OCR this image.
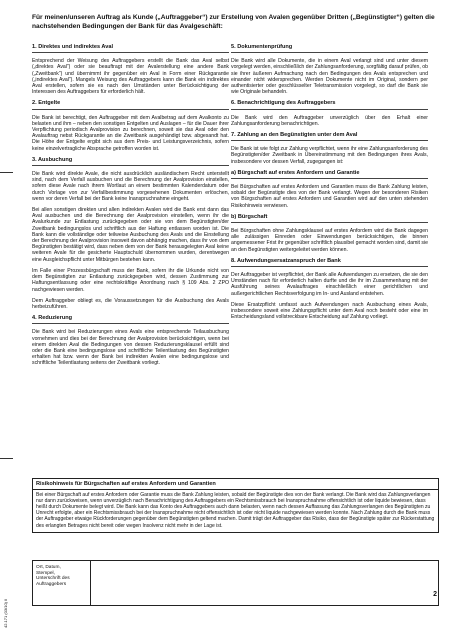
Für meinen/unseren Auftrag als Kunde („Auftraggeber“) zur Erstellung von Avalen gegenüber Dritten („Begünstigter“) gelten die nachstehenden Bedingungen der Bank für das Avalgeschäft:
1. Direktes und indirektes Aval
Entsprechend der Weisung des Auftraggebers erstellt die Bank das Aval selbst („direktes Aval“) oder sie beauftragt mit der Avalerstellung eine andere Bank („Zweitbank“) und übernimmt ihr gegenüber ein Aval in Form einer Rückgarantie („indirektes Aval“). Mangels Weisung des Auftraggebers kann die Bank ein indirektes Aval erstellen, sofern sie es nach den Umständen unter Berücksichtigung der Interessen des Auftraggebers für erforderlich hält.
2. Entgelte
Die Bank ist berechtigt, den Auftraggeber mit dem Avalbetrag auf dem Avalkonto zu belasten und ihm – neben den sonstigen Entgelten und Auslagen – für die Dauer ihrer Verpflichtung periodisch Avalprovision zu berechnen, soweit sie das Aval oder den Avalauftrag nebst Rückgarantie an die Zweitbank ausgehändigt bzw. abgesandt hat. Die Höhe der Entgelte ergibt sich aus dem Preis- und Leistungsverzeichnis, sofern keine einzelvertragliche Absprache getroffen worden ist.
3. Ausbuchung
Die Bank wird direkte Avale, die nicht ausdrücklich ausländischem Recht unterstellt sind, nach dem Verfall ausbuchen und die Berechnung der Avalprovision einstellen, sofern diese Avale nach ihrem Wortlaut an einem bestimmten Kalenderdatum oder durch Vorlage von zur Verfallbestimmung vorgesehenen Dokumenten erlöschen, wenn vor deren Verfall bei der Bank keine Inanspruchnahme eingeht.
Bei allen sonstigen direkten und allen indirekten Avalen wird die Bank erst dann das Aval ausbuchen und die Berechnung der Avalprovision einstellen, wenn ihr die Avalurkunde zur Entlastung zurückgegeben oder sie von dem Begünstigten/der Zweitbank bedingungslos und schriftlich aus der Haftung entlassen worden ist. Die Bank kann die vollständige oder teilweise Ausbuchung des Avals und die Einstellung der Berechnung der Avalprovision insoweit davon abhängig machen, dass ihr von dem Begünstigten bestätigt wird, dass neben dem von der Bank herausgelegten Aval keine weiteren Avale für die gesicherte Hauptschuld übernommen wurden, derentwegen eine Ausgleichspflicht unter Mitbürgen bestehen kann.
Im Falle einer Prozessbürgschaft muss der Bank, sofern ihr die Urkunde nicht von dem Begünstigten zur Entlastung zurückgegeben wird, dessen Zustimmung zur Haftungsentlassung oder eine rechtskräftige Anordnung nach § 109 Abs. 2 ZPO nachgewiesen werden.
Dem Auftraggeber obliegt es, die Voraussetzungen für die Ausbuchung des Avals herbeizuführen.
4. Reduzierung
Die Bank wird bei Reduzierungen eines Avals eine entsprechende Teilausbuchung vornehmen und dies bei der Berechnung der Avalprovision berücksichtigen, wenn bei einem direkten Aval die Bedingungen von dessen Reduzierungsklausel erfüllt sind oder die Bank eine bedingungslose und schriftliche Teilentlastung des Begünstigten erhalten hat bzw. wenn der Bank bei indirekten Avalen eine bedingungslose und schriftliche Teilentlastung seitens der Zweitbank vorliegt.
5. Dokumentenprüfung
Die Bank wird alle Dokumente, die in einem Aval verlangt sind und unter diesem vorgelegt werden, einschließlich der Zahlungsanforderung, sorgfältig darauf prüfen, ob sie ihrer äußeren Aufmachung nach den Bedingungen des Avals entsprechen und einander nicht widersprechen. Werden Dokumente nicht im Original, sondern per authentisierter oder geschlüsselter Teletransmission vorgelegt, so darf die Bank sie wie Originale behandeln.
6. Benachrichtigung des Auftraggebers
Die Bank wird den Auftraggeber unverzüglich über den Erhalt einer Zahlungsanforderung benachrichtigen.
7. Zahlung an den Begünstigten unter dem Aval
Die Bank ist wie folgt zur Zahlung verpflichtet, wenn ihr eine Zahlungsanforderung des Begünstigten/der Zweitbank in Übereinstimmung mit den Bedingungen ihres Avals, insbesondere vor dessen Verfall, zugegangen ist:
a) Bürgschaft auf erstes Anfordern und Garantie
Bei Bürgschaften auf erstes Anfordern und Garantien muss die Bank Zahlung leisten, sobald der Begünstigte dies von der Bank verlangt. Wegen der besonderen Risiken von Bürgschaften auf erstes Anfordern und Garantien wird auf den unten stehenden Risikohinweis verwiesen.
b) Bürgschaft
Bei Bürgschaften ohne Zahlungsklausel auf erstes Anfordern wird die Bank dagegen alle zulässigen Einreden oder Einwendungen berücksichtigen, die binnen angemessener Frist ihr gegenüber schriftlich plausibel gemacht worden sind, damit sie an den Begünstigten weitergeleitet werden können.
8. Aufwendungsersatzanspruch der Bank
Der Auftraggeber ist verpflichtet, der Bank alle Aufwendungen zu ersetzen, die sie den Umständen nach für erforderlich halten durfte und die ihr im Zusammenhang mit der Ausführung seines Avalauftrages einschließlich einer gerichtlichen und außergerichtlichen Rechtsverfolgung im In- und Ausland entstehen.
Diese Ersatzpflicht umfasst auch Aufwendungen nach Ausbuchung eines Avals, insbesondere soweit eine Zahlungspflicht unter dem Aval noch besteht oder eine im Entscheidungsland vollstreckbare Entscheidung auf Zahlung vorliegt.
Risikohinweis für Bürgschaften auf erstes Anfordern und Garantien
Bei einer Bürgschaft auf erstes Anfordern oder Garantie muss die Bank Zahlung leisten, sobald der Begünstigte dies von der Bank verlangt. Die Bank wird das Zahlungsverlangen nur dann zurückweisen, wenn unverzüglich nach Benachrichtigung des Auftraggebers ein Rechtsmissbrauch bei Inanspruchnahme offensichtlich ist oder liquide bewiesen, dass heißt durch Dokumente belegt wird. Die Bank kann das Konto des Auftraggebers auch dann belasten, wenn nach dessen Auffassung das Zahlungsverlangen des Begünstigten zu Unrecht erfolgte, aber ein Rechtsmissbrauch bei der Inanspruchnahme nicht offensichtlich ist oder nicht liquide nachgewiesen werden konnte. Nach Zahlung durch die Bank muss der Auftraggeber etwaige Rückforderungen gegenüber dem Begünstigten geltend machen. Damit trägt der Auftraggeber das Risiko, dass der Begünstigte später zur Rückerstattung des erlangten Betrages nicht bereit oder wegen Insolvenz nicht mehr in der Lage ist.
Ort, Datum,
Stempel,
Unterschrift des
Auftraggebers
2
42.171 (03/10) II
